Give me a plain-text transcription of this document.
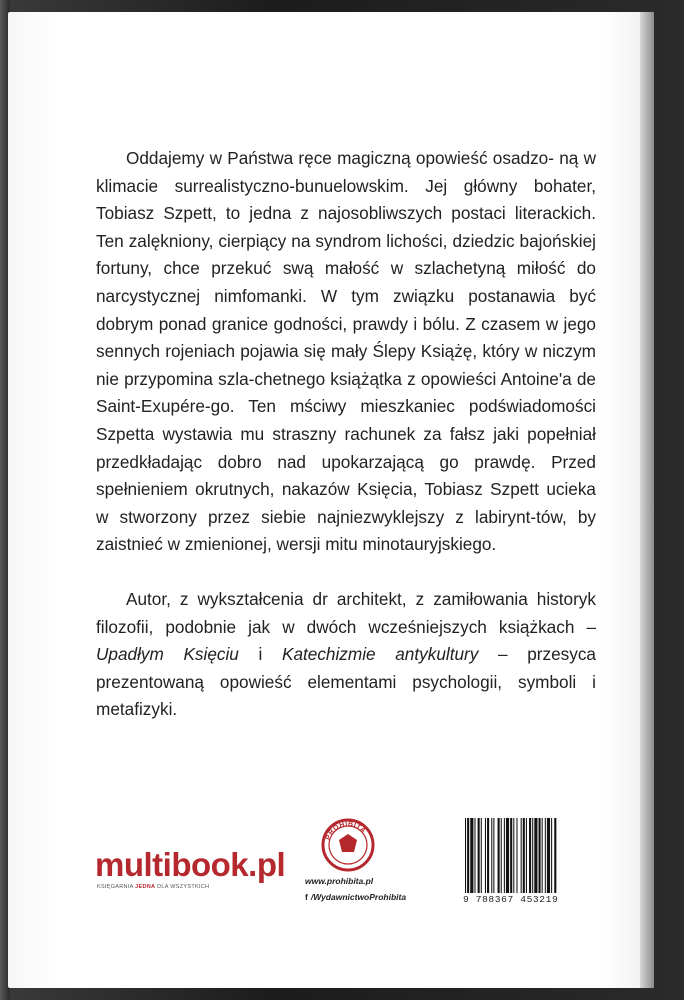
Oddajemy w Państwa ręce magiczną opowieść osadzo- ną w klimacie surrealistyczno-bunuelowskim. Jej główny bohater, Tobiasz Szpett, to jedna z najosobliwszych postaci literackich. Ten zalękniony, cierpiący na syndrom lichości, dziedzic bajońskiej fortuny, chce przekuć swą małość w szlachetyną miłość do narcystycznej nimfomanki. W tym związku postanawia być dobrym ponad granice godności, prawdy i bólu. Z czasem w jego sennych rojeniach pojawia się mały Ślepy Książę, który w niczym nie przypomina szla-chetnego książątka z opowieści Antoine'a de Saint-Exupére-go. Ten mściwy mieszkaniec podświadomości Szpetta wystawia mu straszny rachunek za fałsz jaki popełniał przedkładając dobro nad upokarzającą go prawdę. Przed spełnieniem okrutnych, nakazów Księcia, Tobiasz Szpett ucieka w stworzony przez siebie najniezwyklejszy z labirynt-tów, by zaistnieć w zmienionej, wersji mitu minotauryjskiego.

Autor, z wykształcenia dr architekt, z zamiłowania historyk filozofii, podobnie jak w dwóch wcześniejszych książkach – Upadłym Księciu i Katechizmie antykultury – przesyca prezentowaną opowieść elementami psychologii, symboli i metafizyki.

multibook.pl
KSIĘGARNIA JEDNA DLA WSZYSTKICH
PROHIBITA
www.prohibita.pl
f /WydawnictwoProhibita	9 788367 453219
